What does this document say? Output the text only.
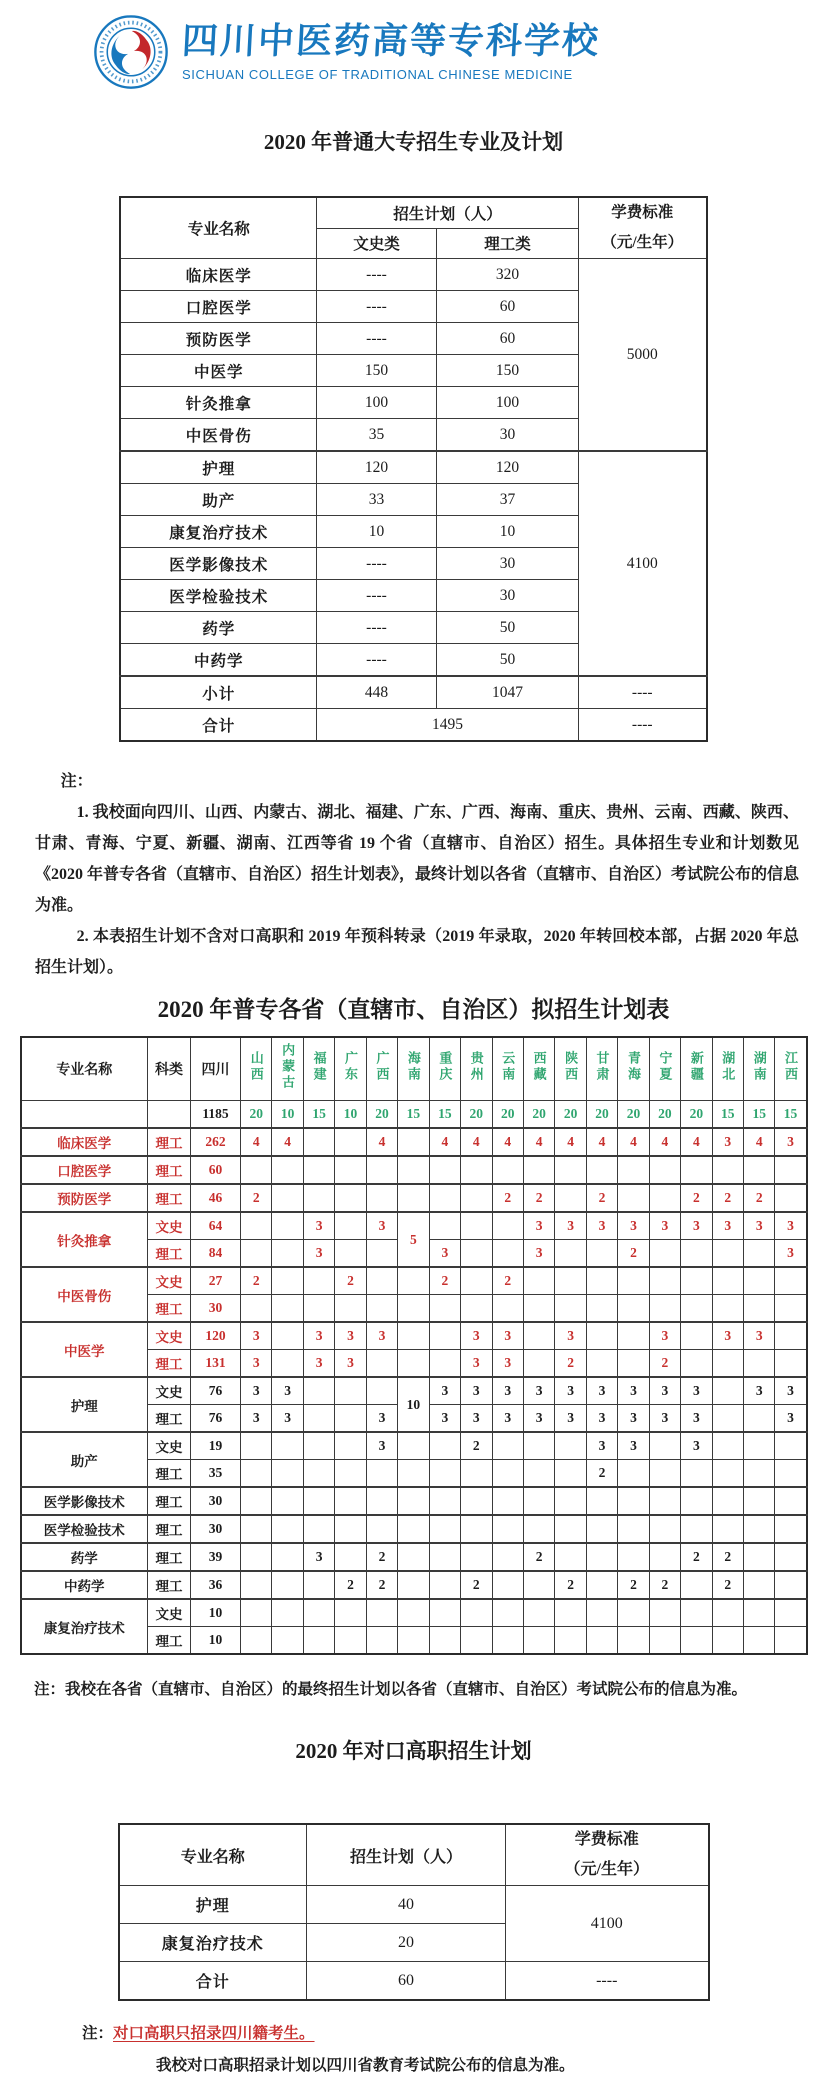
四川中医药高等专科学校
SICHUAN COLLEGE OF TRADITIONAL CHINESE MEDICINE
2020 年普通大专招生专业及计划
专业名称	招生计划（人）		学费标准
（元/生年）

	文史类	理工类	
临床医学	----	320	5000
口腔医学	----	60	
预防医学	----	60	
中医学	150	150	
针灸推拿	100	100	
中医骨伤	35	30	
护理	120	120	4100
助产	33	37	
康复治疗技术	10	10	
医学影像技术	----	30	
医学检验技术	----	30	
药学	----	50	
中药学	----	50	
小计	448	1047	----
合计	1495		----

注：

1. 我校面向四川、山西、内蒙古、湖北、福建、广东、广西、海南、重庆、贵州、云南、西藏、陕西、甘肃、青海、宁夏、新疆、湖南、江西等省 19 个省（直辖市、自治区）招生。具体招生专业和计划数见《2020 年普专各省（直辖市、自治区）招生计划表》，最终计划以各省（直辖市、自治区）考试院公布的信息为准。

2. 本表招生计划不含对口高职和 2019 年预科转录（2019 年录取，2020 年转回校本部，占据 2020 年总招生计划）。

2020 年普专各省（直辖市、自治区）拟招生计划表
专业名称	科类	四川	山西	内蒙古	福建	广东	广西	海南	重庆	贵州	云南	西藏	陕西	甘肃	青海	宁夏	新疆	湖北	湖南	江西
		1185	20	10	15	10	20	15	15	20	20	20	20	20	20	20	20	15	15	15
临床医学	理工	262	4	4			4		4	4	4	4	4	4	4	4	4	3	4	3
口腔医学	理工	60																		
预防医学	理工	46	2								2	2		2			2	2	2	
针灸推拿	文史	64			3		3	5				3	3	3	3	3	3	3	3	3
	理工	84			3				3			3			2					3
中医骨伤	文史	27	2			2			2		2									
	理工	30																		
中医学	文史	120	3		3	3	3			3	3		3			3		3	3	
	理工	131	3		3	3				3	3		2			2				
护理	文史	76	3	3				10	3	3	3	3	3	3	3	3	3		3	3
	理工	76	3	3			3		3	3	3	3	3	3	3	3	3			3
助产	文史	19					3			2				3	3		3			
	理工	35												2						
医学影像技术	理工	30																		
医学检验技术	理工	30																		
药学	理工	39			3		2					2					2	2		
中药学	理工	36				2	2			2			2		2	2		2		
康复治疗技术	文史	10																		
	理工	10																		
注：我校在各省（直辖市、自治区）的最终招生计划以各省（直辖市、自治区）考试院公布的信息为准。
2020 年对口高职招生计划
专业名称	招生计划（人）	学费标准
（元/生年）

护理	40	4100
康复治疗技术	20	
合计	60	----

注：对口高职只招录四川籍考生。

我校对口高职招录计划以四川省教育考试院公布的信息为准。
